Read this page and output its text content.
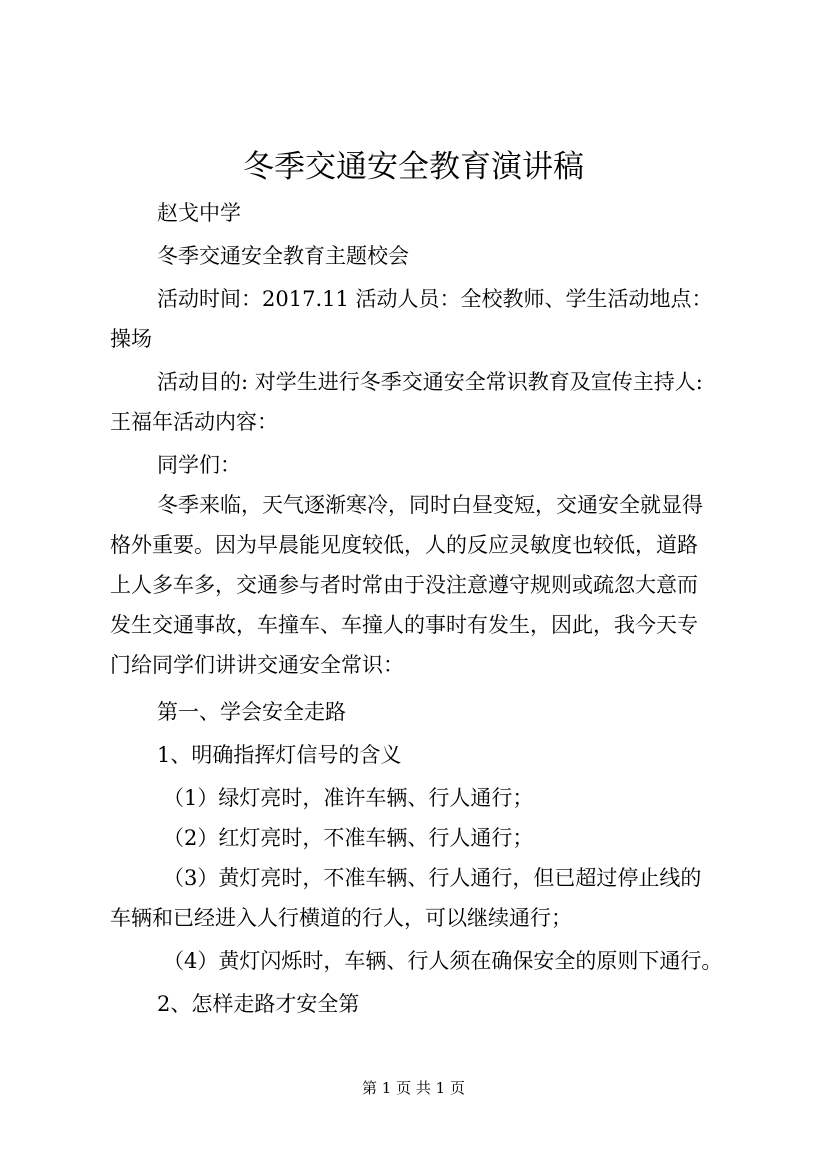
冬季交通安全教育演讲稿
赵戈中学
冬季交通安全教育主题校会
活动时间：2017.11 活动人员：全校教师、学生活动地点：
操场
活动目的: 对学生进行冬季交通安全常识教育及宣传主持人:
王福年活动内容：
同学们：
冬季来临，天气逐渐寒冷，同时白昼变短，交通安全就显得
格外重要。因为早晨能见度较低，人的反应灵敏度也较低，道路
上人多车多，交通参与者时常由于没注意遵守规则或疏忽大意而
发生交通事故，车撞车、车撞人的事时有发生，因此，我今天专
门给同学们讲讲交通安全常识：
第一、学会安全走路
1、明确指挥灯信号的含义
（1）绿灯亮时，准许车辆、行人通行；
（2）红灯亮时，不准车辆、行人通行；
（3）黄灯亮时，不准车辆、行人通行，但已超过停止线的
车辆和已经进入人行横道的行人，可以继续通行；
（4）黄灯闪烁时，车辆、行人须在确保安全的原则下通行。
2、怎样走路才安全第
第 1 页 共 1 页
